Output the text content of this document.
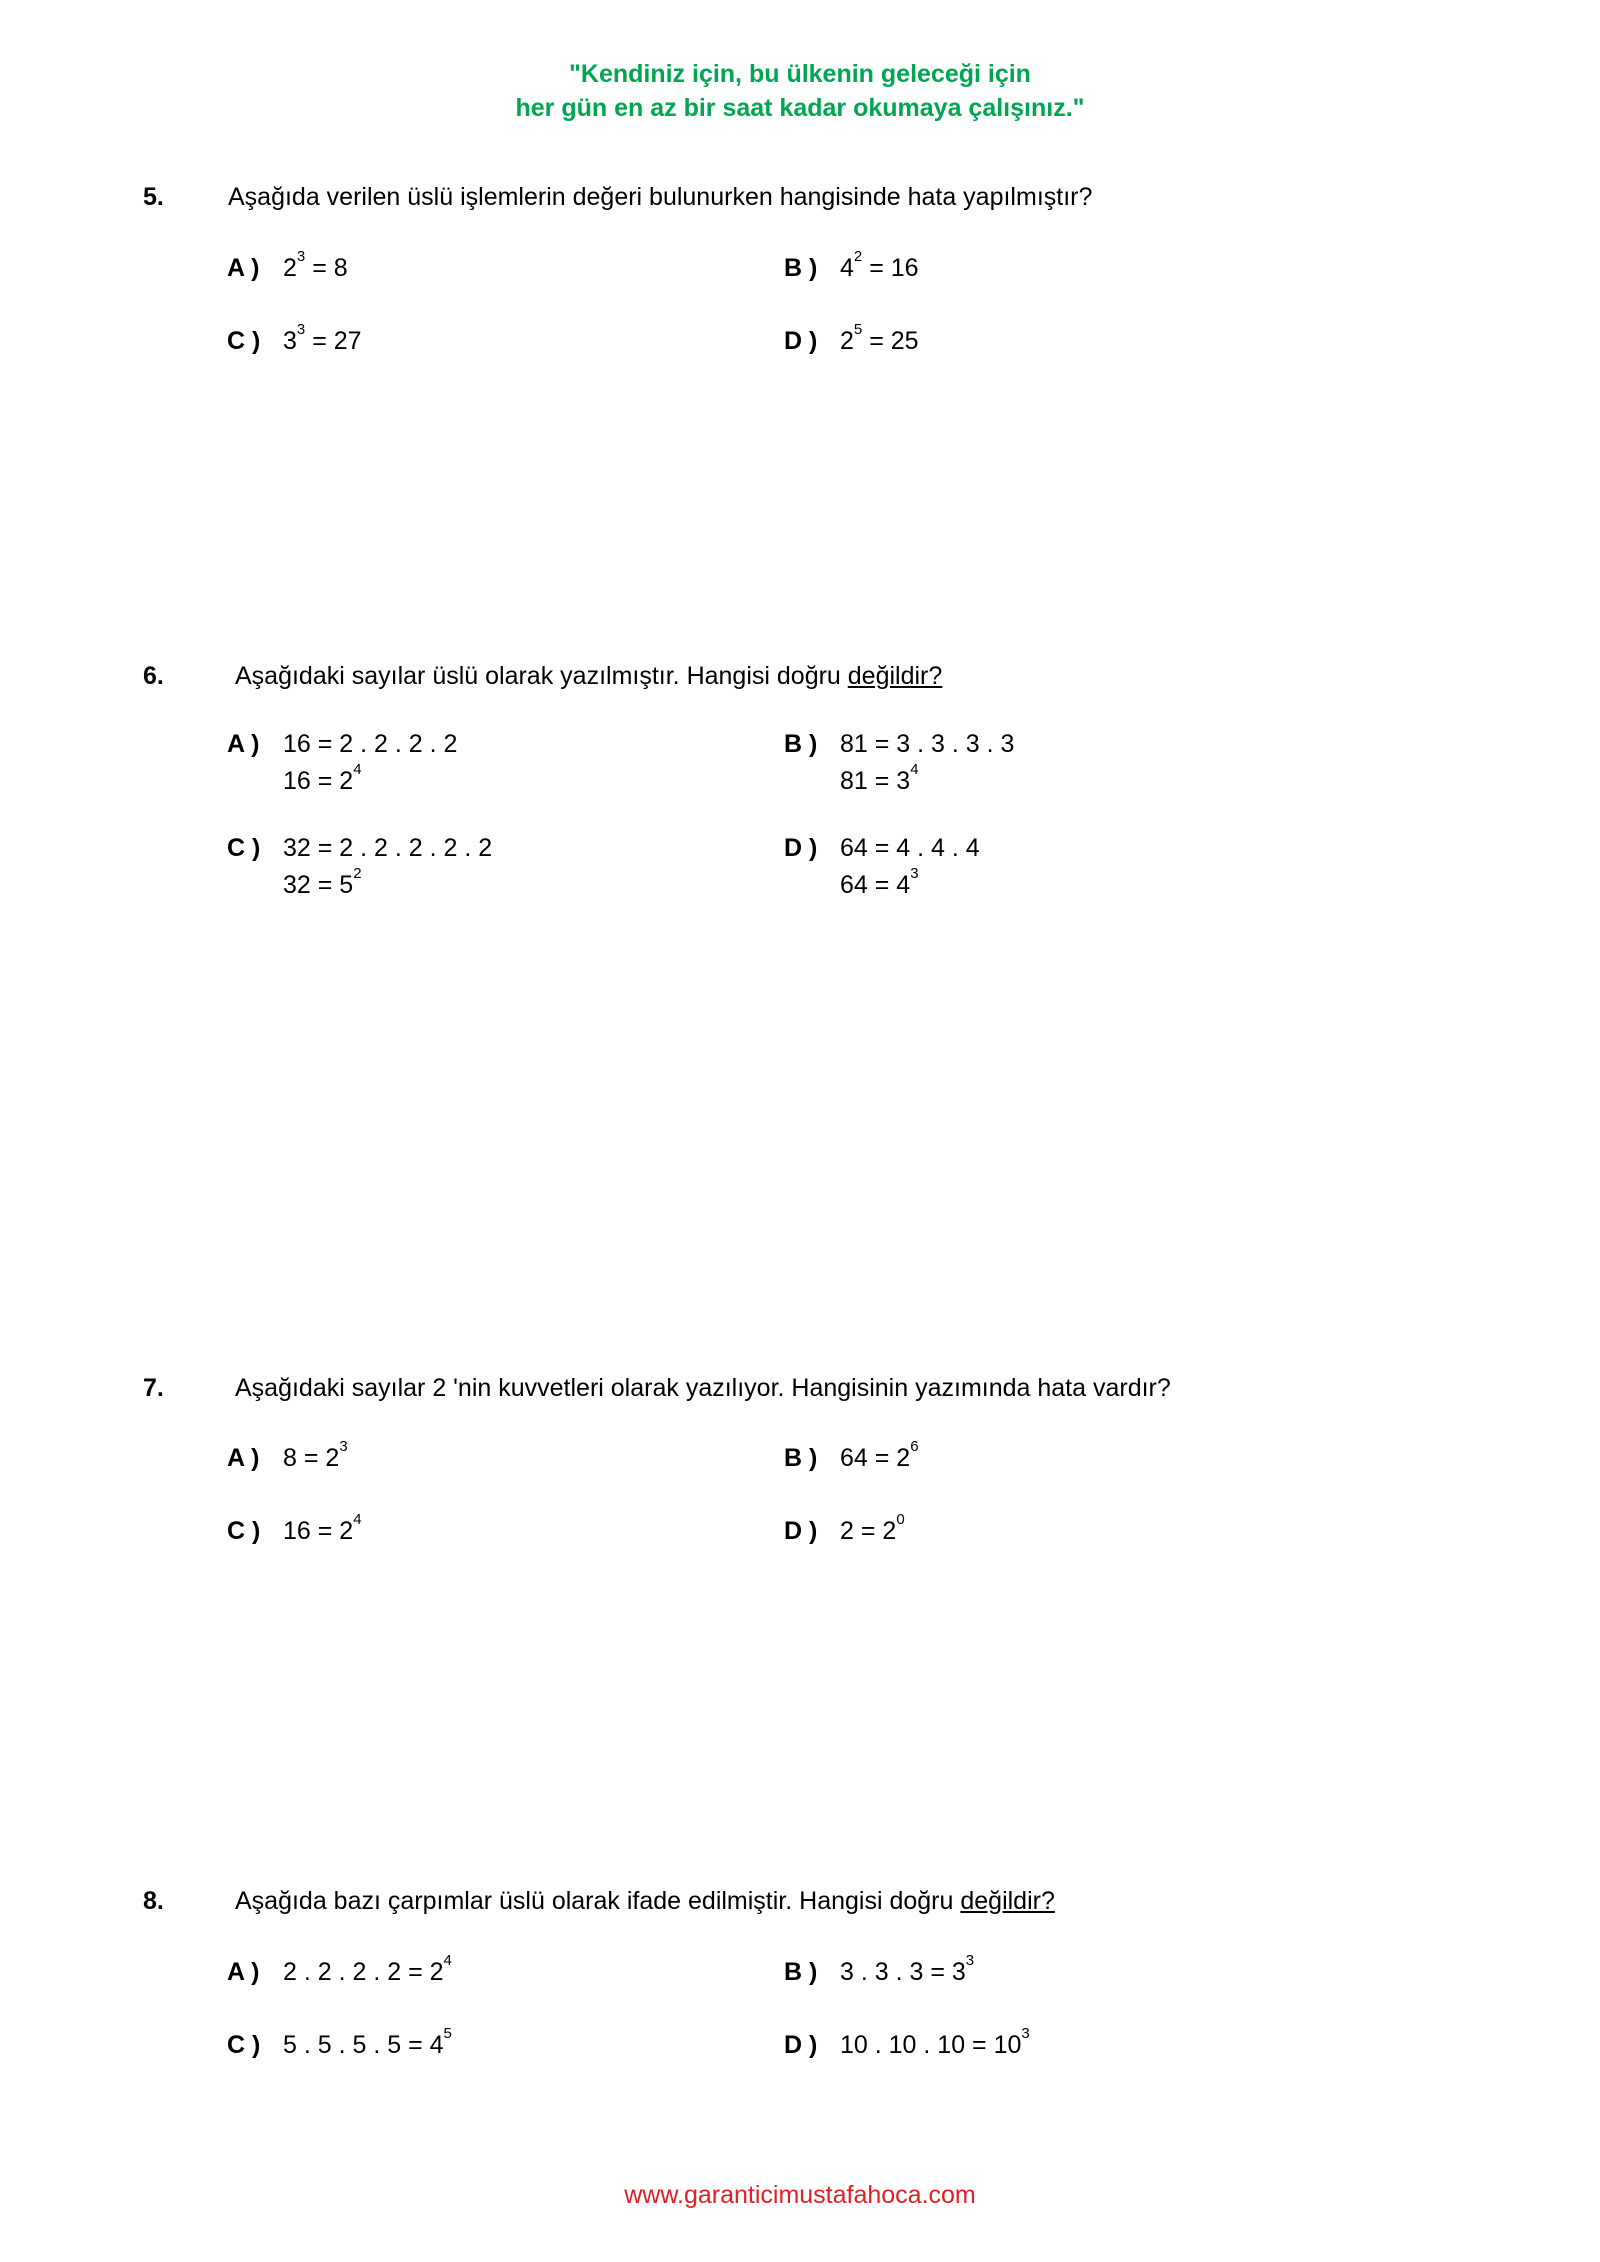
"Kendiniz için, bu ülkenin geleceği için
her gün en az bir saat kadar okumaya çalışınız."
5.	Aşağıda verilen üslü işlemlerin değeri bulunurken hangisinde hata yapılmıştır?
A ) $2^3 = 8$	B ) $4^2 = 16$
C ) $3^3 = 27$	D ) $2^5 = 25$
6.	Aşağıdaki sayılar üslü olarak yazılmıştır. Hangisi doğru değildir?
A ) 16 = 2 . 2 . 2 . 2
$16 = 2^4$
B ) 81 = 3 . 3 . 3 . 3
$81 = 3^4$
C ) 32 = 2 . 2 . 2 . 2 . 2
$32 = 5^2$
D ) 64 = 4 . 4 . 4
$64 = 4^3$
7.	Aşağıdaki sayılar 2 'nin kuvvetleri olarak yazılıyor. Hangisinin yazımında hata vardır?
A ) $8 = 2^3$	B ) $64 = 2^6$
C ) $16 = 2^4$	D ) $2 = 2^0$
8.	Aşağıda bazı çarpımlar üslü olarak ifade edilmiştir. Hangisi doğru değildir?
A ) 2 . 2 . 2 . $2 = 2^4$	B ) 3 . 3 . $3 = 3^3$
C ) 5 . 5 . 5 . $5 = 4^5$	D ) 10 . 10 . $10 = 10^3$
www.garanticimustafahoca.com
